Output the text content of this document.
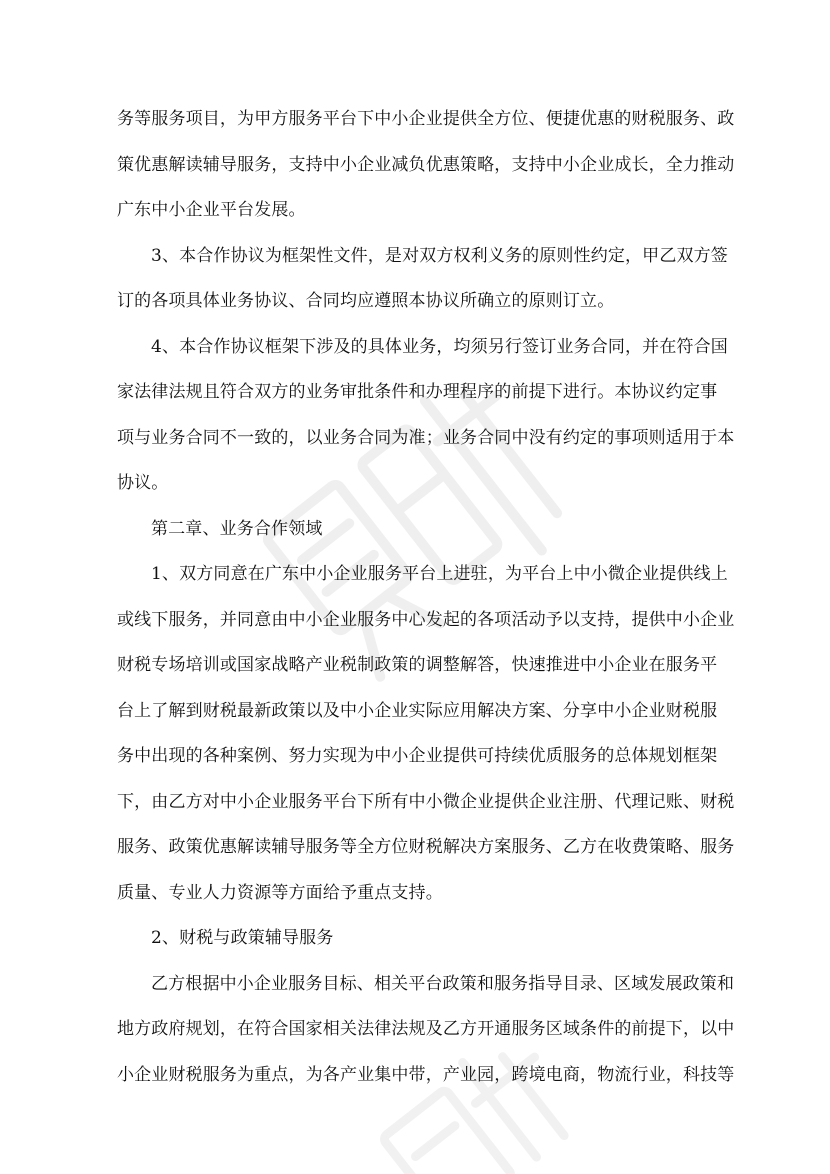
务等服务项目，为甲方服务平台下中小企业提供全方位、便捷优惠的财税服务、政
策优惠解读辅导服务，支持中小企业减负优惠策略，支持中小企业成长，全力推动
广东中小企业平台发展。
3、本合作协议为框架性文件，是对双方权利义务的原则性约定，甲乙双方签
订的各项具体业务协议、合同均应遵照本协议所确立的原则订立。
4、本合作协议框架下涉及的具体业务，均须另行签订业务合同，并在符合国
家法律法规且符合双方的业务审批条件和办理程序的前提下进行。本协议约定事
项与业务合同不一致的，以业务合同为准；业务合同中没有约定的事项则适用于本
协议。
第二章、业务合作领域
1、双方同意在广东中小企业服务平台上进驻，为平台上中小微企业提供线上
或线下服务，并同意由中小企业服务中心发起的各项活动予以支持，提供中小企业
财税专场培训或国家战略产业税制政策的调整解答，快速推进中小企业在服务平
台上了解到财税最新政策以及中小企业实际应用解决方案、分享中小企业财税服
务中出现的各种案例、努力实现为中小企业提供可持续优质服务的总体规划框架
下，由乙方对中小企业服务平台下所有中小微企业提供企业注册、代理记账、财税
服务、政策优惠解读辅导服务等全方位财税解决方案服务、乙方在收费策略、服务
质量、专业人力资源等方面给予重点支持。
2、财税与政策辅导服务
乙方根据中小企业服务目标、相关平台政策和服务指导目录、区域发展政策和
地方政府规划，在符合国家相关法律法规及乙方开通服务区域条件的前提下，以中
小企业财税服务为重点，为各产业集中带，产业园，跨境电商，物流行业，科技等
